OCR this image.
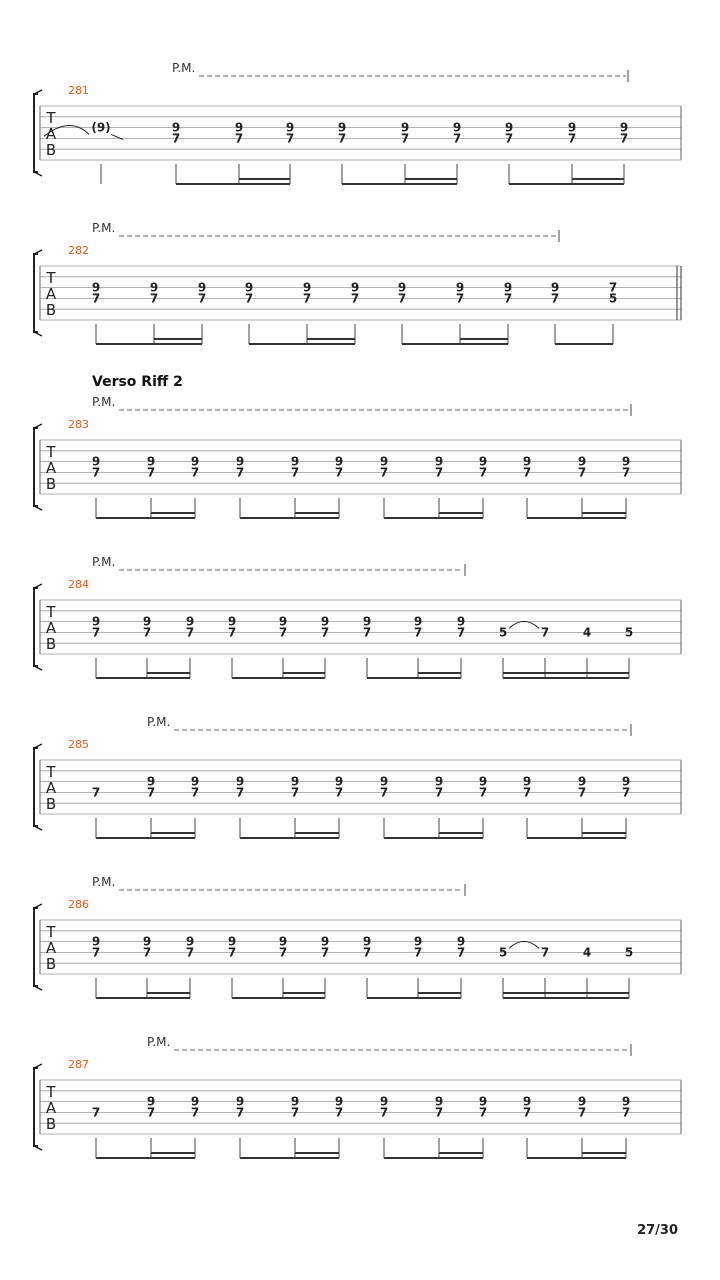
27/30
P.M.
281
T
A
B
(9)	9
7
9
7
9
7
9
7
9
7
9
7
9
7
9
7
9
7
P.M.
282
T
A
B
9
7
9
7
9
7
9
7
9
7
9
7
9
7
9
7
9
7
9
7
7
5
Verso Riff 2
P.M.
283
T
A
B
9
7
9
7
9
7
9
7
9
7
9
7
9
7
9
7
9
7
9
7
9
7
9
7
P.M.
284
T
A
B
9
7
9
7
9
7
9
7
9
7
9
7
9
7
9
7
9
7	5	7	4	5
P.M.
285
T
A
B
7
9
7
9
7
9
7
9
7
9
7
9
7
9
7
9
7
9
7
9
7
9
7
P.M.
286
T
A
B
9
7
9
7
9
7
9
7
9
7
9
7
9
7
9
7
9
7	5	7	4	5
P.M.
287
T
A
B
7
9
7
9
7
9
7
9
7
9
7
9
7
9
7
9
7
9
7
9
7
9
7
